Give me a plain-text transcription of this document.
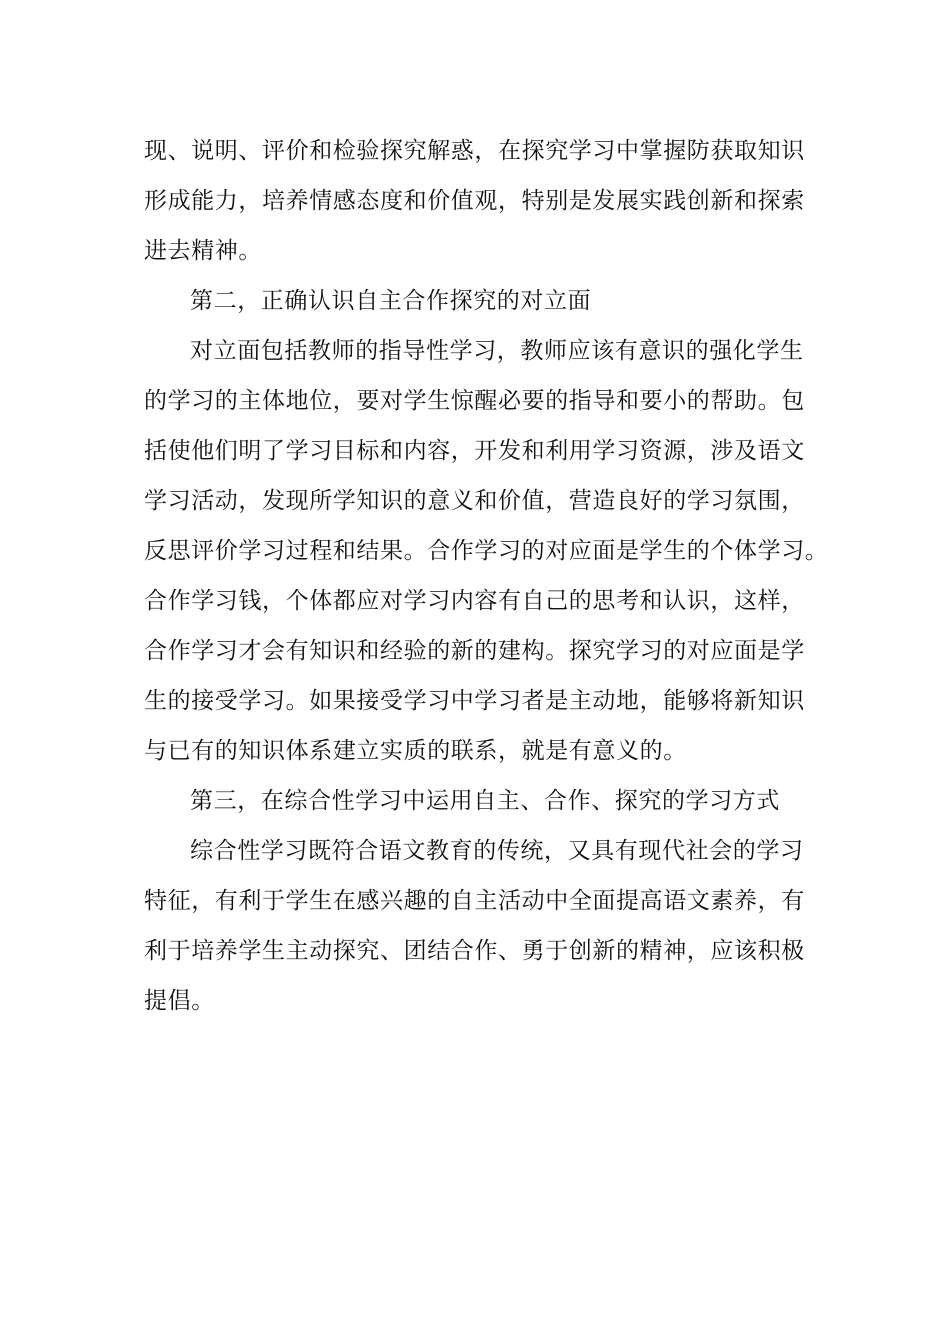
现、说明、评价和检验探究解惑，在探究学习中掌握防获取知识
形成能力，培养情感态度和价值观，特别是发展实践创新和探索
进去精神。
第二，正确认识自主合作探究的对立面
对立面包括教师的指导性学习，教师应该有意识的强化学生
的学习的主体地位，要对学生惊醒必要的指导和要小的帮助。包
括使他们明了学习目标和内容，开发和利用学习资源，涉及语文
学习活动，发现所学知识的意义和价值，营造良好的学习氛围，
反思评价学习过程和结果。合作学习的对应面是学生的个体学习。
合作学习钱，个体都应对学习内容有自己的思考和认识，这样，
合作学习才会有知识和经验的新的建构。探究学习的对应面是学
生的接受学习。如果接受学习中学习者是主动地，能够将新知识
与已有的知识体系建立实质的联系，就是有意义的。
第三，在综合性学习中运用自主、合作、探究的学习方式
综合性学习既符合语文教育的传统，又具有现代社会的学习
特征，有利于学生在感兴趣的自主活动中全面提高语文素养，有
利于培养学生主动探究、团结合作、勇于创新的精神，应该积极
提倡。
